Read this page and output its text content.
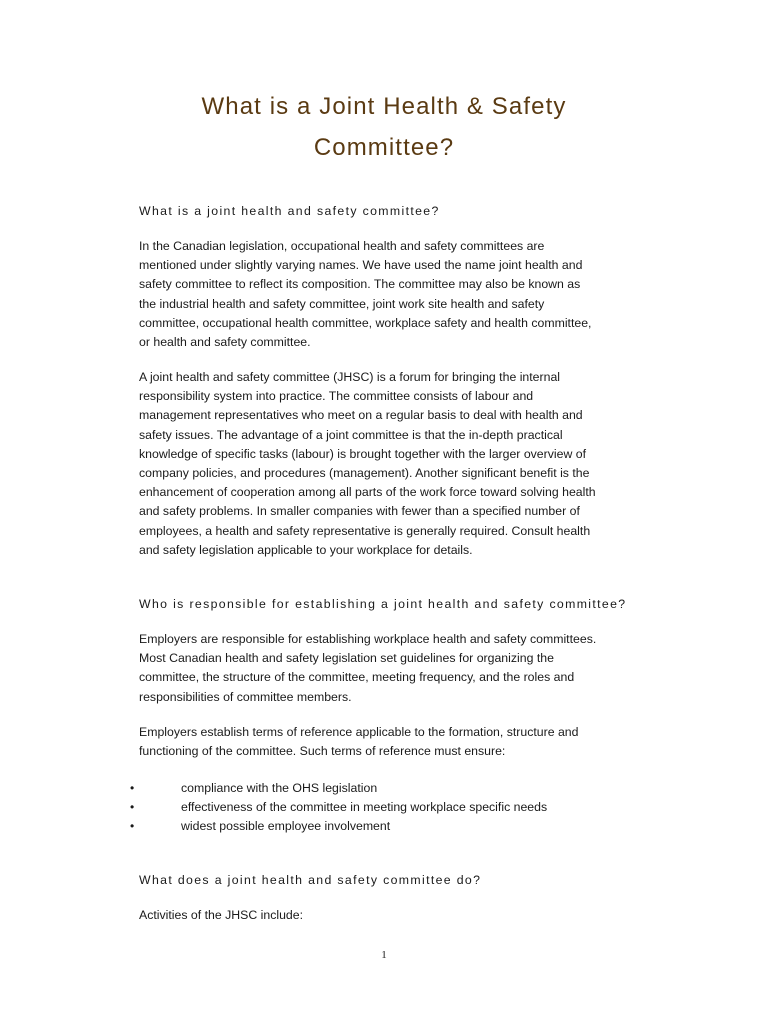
What is a Joint Health & Safety
Committee?

What is a joint health and safety committee?

In the Canadian legislation, occupational health and safety committees are
mentioned under slightly varying names. We have used the name joint health and
safety committee to reflect its composition. The committee may also be known as
the industrial health and safety committee, joint work site health and safety
committee, occupational health committee, workplace safety and health committee,
or health and safety committee.

A joint health and safety committee (JHSC) is a forum for bringing the internal
responsibility system into practice. The committee consists of labour and
management representatives who meet on a regular basis to deal with health and
safety issues. The advantage of a joint committee is that the in-depth practical
knowledge of specific tasks (labour) is brought together with the larger overview of
company policies, and procedures (management). Another significant benefit is the
enhancement of cooperation among all parts of the work force toward solving health
and safety problems. In smaller companies with fewer than a specified number of
employees, a health and safety representative is generally required. Consult health
and safety legislation applicable to your workplace for details.

Who is responsible for establishing a joint health and safety committee?

Employers are responsible for establishing workplace health and safety committees.
Most Canadian health and safety legislation set guidelines for organizing the
committee, the structure of the committee, meeting frequency, and the roles and
responsibilities of committee members.

Employers establish terms of reference applicable to the formation, structure and
functioning of the committee. Such terms of reference must ensure:

•	compliance with the OHS legislation
•	effectiveness of the committee in meeting workplace specific needs
•	widest possible employee involvement

What does a joint health and safety committee do?

Activities of the JHSC include:

1
